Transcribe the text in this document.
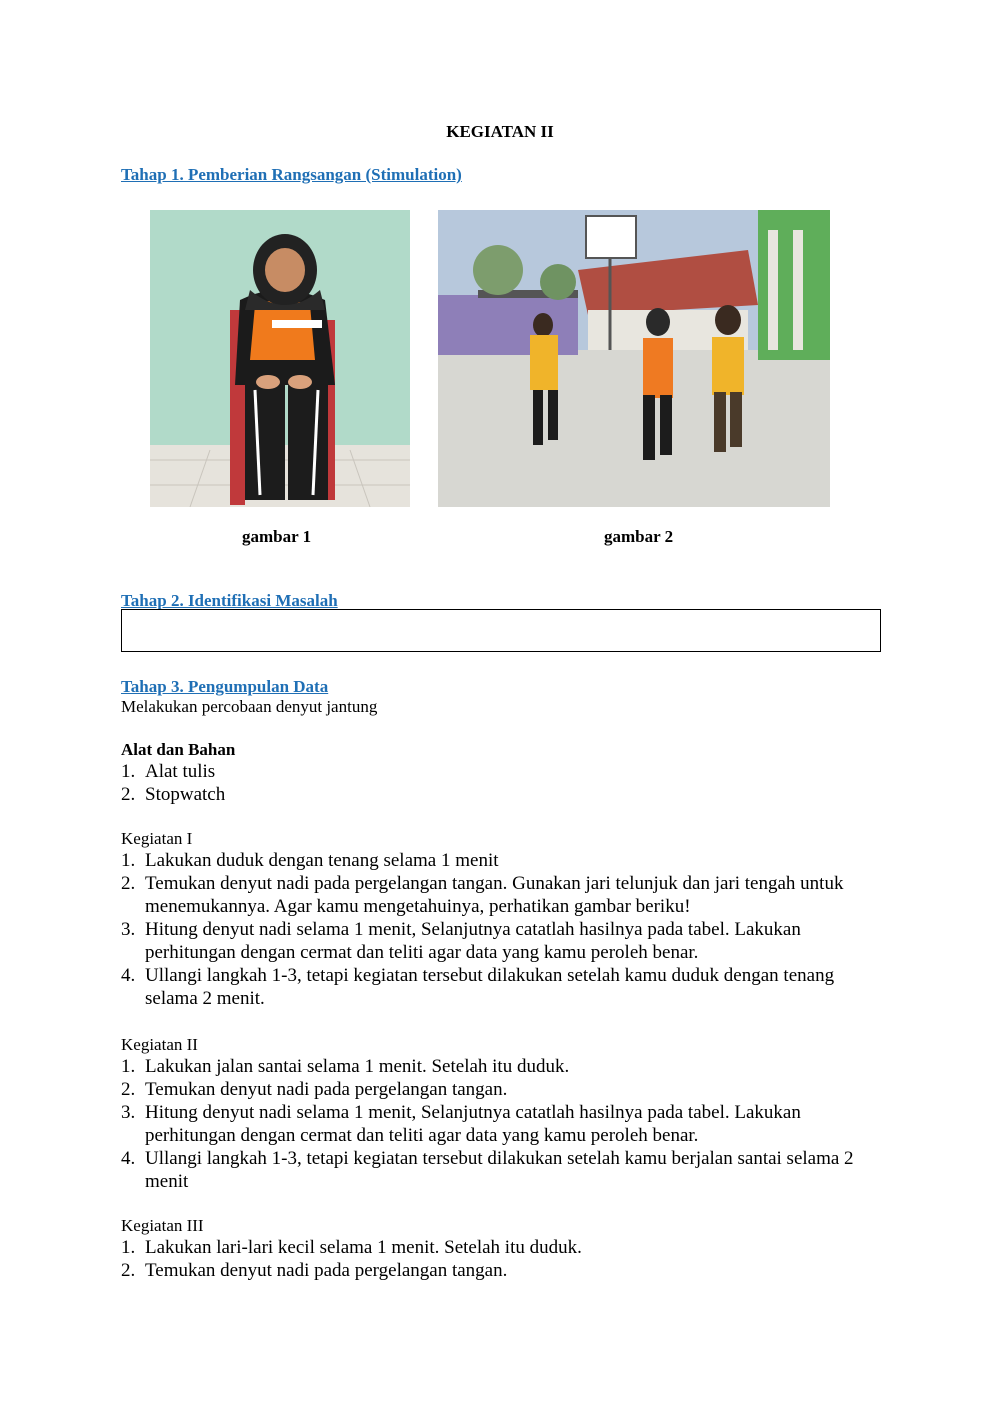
KEGIATAN II
Tahap 1. Pemberian Rangsangan (Stimulation)
gambar 1	gambar 2
Tahap 2. Identifikasi Masalah
Tahap 3. Pengumpulan Data
Melakukan percobaan denyut jantung
Alat dan Bahan
1. Alat tulis
2. Stopwatch
Kegiatan I
1. Lakukan duduk dengan tenang selama 1 menit
2. Temukan denyut nadi pada pergelangan tangan. Gunakan jari telunjuk dan jari tengah untuk menemukannya. Agar kamu mengetahuinya, perhatikan gambar beriku!
3. Hitung denyut nadi selama 1 menit, Selanjutnya catatlah hasilnya pada tabel. Lakukan perhitungan dengan cermat dan teliti agar data yang kamu peroleh benar.
4. Ullangi langkah 1-3, tetapi kegiatan tersebut dilakukan setelah kamu duduk dengan tenang selama 2 menit.
Kegiatan II
1. Lakukan jalan santai selama 1 menit. Setelah itu duduk.
2. Temukan denyut nadi pada pergelangan tangan.
3. Hitung denyut nadi selama 1 menit, Selanjutnya catatlah hasilnya pada tabel. Lakukan perhitungan dengan cermat dan teliti agar data yang kamu peroleh benar.
4. Ullangi langkah 1-3, tetapi kegiatan tersebut dilakukan setelah kamu berjalan santai selama 2 menit
Kegiatan III
1. Lakukan lari-lari kecil selama 1 menit. Setelah itu duduk.
2. Temukan denyut nadi pada pergelangan tangan.
